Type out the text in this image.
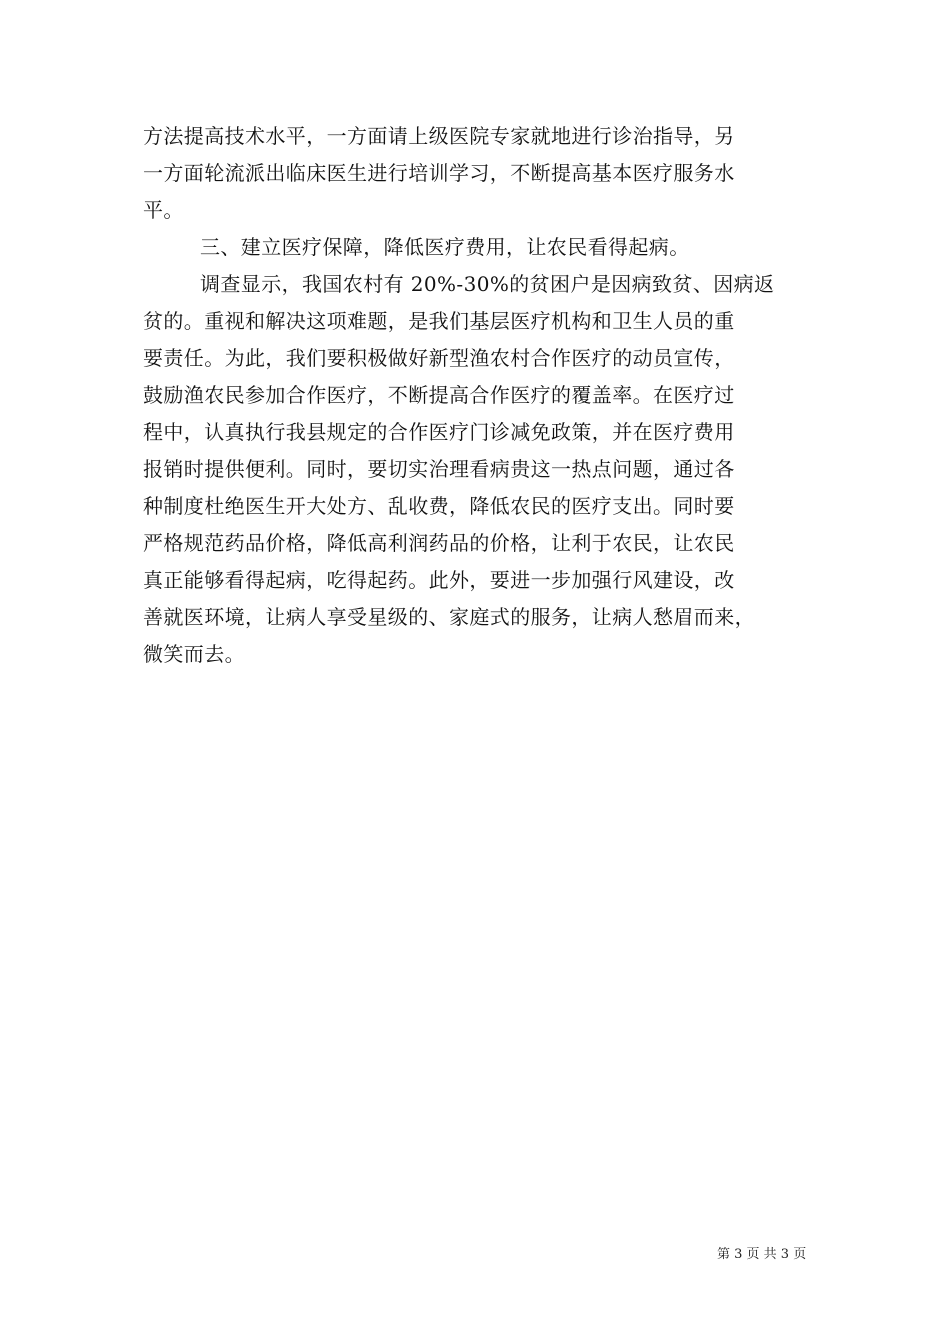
方法提高技术水平，一方面请上级医院专家就地进行诊治指导，另
一方面轮流派出临床医生进行培训学习，不断提高基本医疗服务水
平。

三、建立医疗保障，降低医疗费用，让农民看得起病。

调查显示，我国农村有 20%-30%的贫困户是因病致贫、因病返
贫的。重视和解决这项难题，是我们基层医疗机构和卫生人员的重
要责任。为此，我们要积极做好新型渔农村合作医疗的动员宣传，
鼓励渔农民参加合作医疗，不断提高合作医疗的覆盖率。在医疗过
程中，认真执行我县规定的合作医疗门诊减免政策，并在医疗费用
报销时提供便利。同时，要切实治理看病贵这一热点问题，通过各
种制度杜绝医生开大处方、乱收费，降低农民的医疗支出。同时要
严格规范药品价格，降低高利润药品的价格，让利于农民，让农民
真正能够看得起病，吃得起药。此外，要进一步加强行风建设，改
善就医环境，让病人享受星级的、家庭式的服务，让病人愁眉而来，
微笑而去。

第 3 页 共 3 页
